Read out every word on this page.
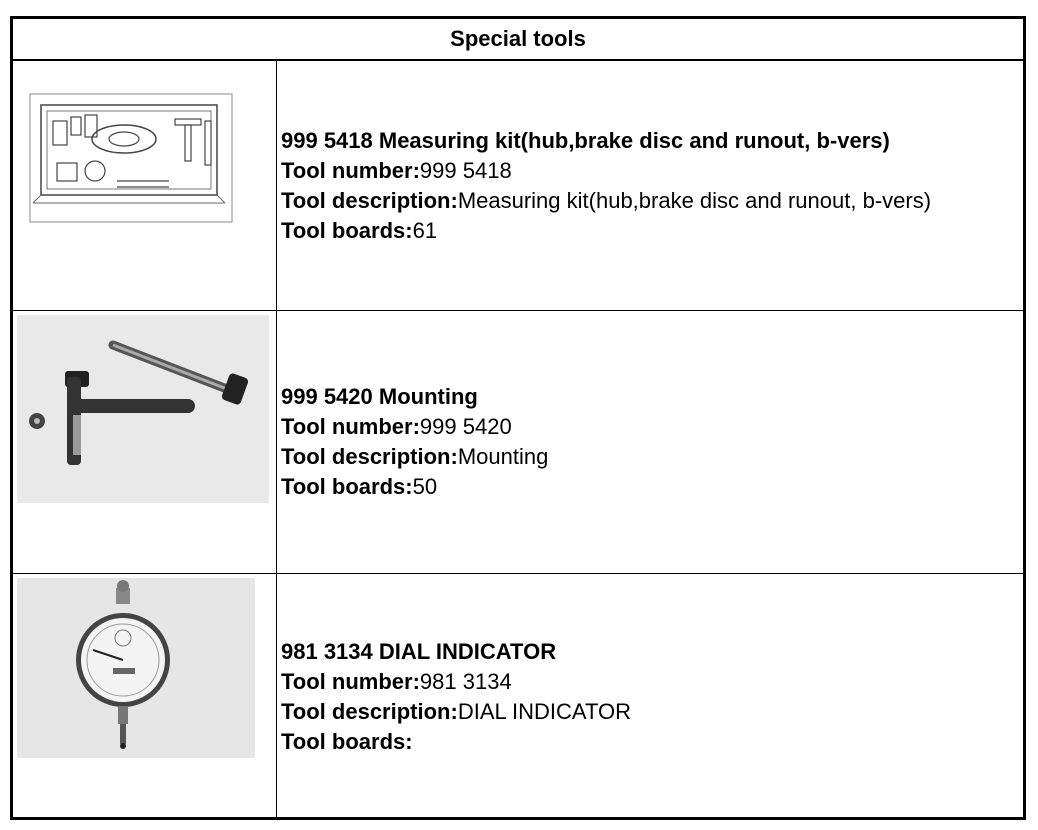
Special tools
999 5418 Measuring kit(hub,brake disc and runout, b-vers)
Tool number:999 5418
Tool description:Measuring kit(hub,brake disc and runout, b-vers)
Tool boards:61
999 5420 Mounting
Tool number:999 5420
Tool description:Mounting
Tool boards:50
981 3134 DIAL INDICATOR
Tool number:981 3134
Tool description:DIAL INDICATOR
Tool boards:
